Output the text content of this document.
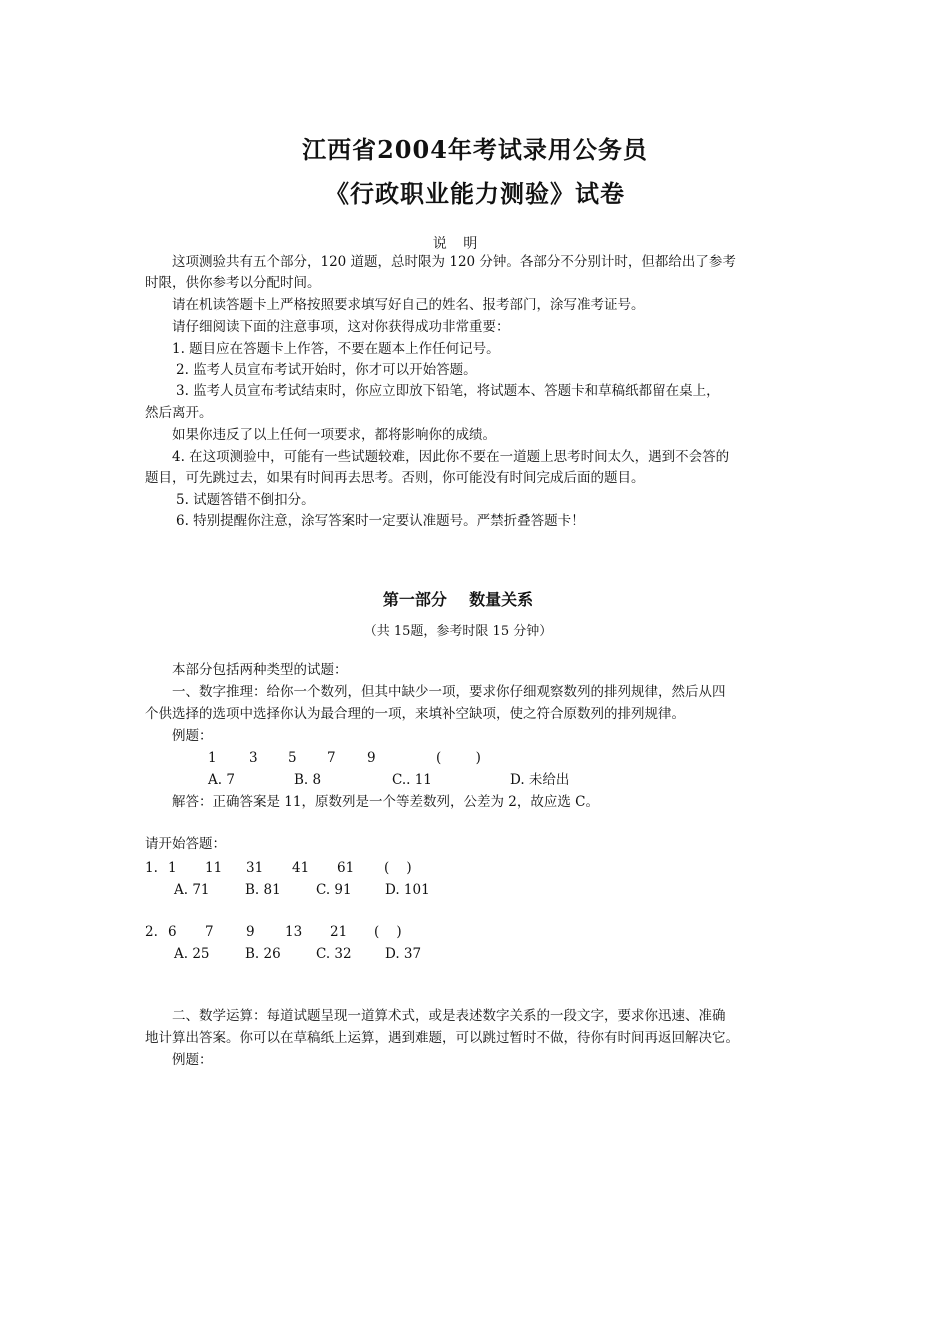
江西省2004年考试录用公务员
《行政职业能力测验》试卷
说 明
这项测验共有五个部分，120 道题，总时限为 120 分钟。各部分不分别计时，但都给出了参考
时限，供你参考以分配时间。
请在机读答题卡上严格按照要求填写好自己的姓名、报考部门，涂写准考证号。
请仔细阅读下面的注意事项，这对你获得成功非常重要：
1. 题目应在答题卡上作答，不要在题本上作任何记号。
2. 监考人员宣布考试开始时，你才可以开始答题。
3. 监考人员宣布考试结束时，你应立即放下铅笔，将试题本、答题卡和草稿纸都留在桌上，
然后离开。
如果你违反了以上任何一项要求，都将影响你的成绩。
4. 在这项测验中，可能有一些试题较难，因此你不要在一道题上思考时间太久，遇到不会答的
题目，可先跳过去，如果有时间再去思考。否则，你可能没有时间完成后面的题目。
5. 试题答错不倒扣分。
6. 特别提醒你注意，涂写答案时一定要认准题号。严禁折叠答题卡！
第一部分    数量关系
（共 15题，参考时限 15 分钟）
本部分包括两种类型的试题：
一、数字推理：给你一个数列，但其中缺少一项，要求你仔细观察数列的排列规律，然后从四
个供选择的选项中选择你认为最合理的一项，来填补空缺项，使之符合原数列的排列规律。
例题：
1 3 5 7 9	(        )
A. 7	B. 8	C.. 11	D. 未给出
解答：正确答案是 11，原数列是一个等差数列，公差为 2，故应选 C。
请开始答题：
1. 1 11 31 41 61 (    )
A. 71	B. 81	C. 91 D. 101
2. 6 7 9 13 21 (    )
A. 25	B. 26	C. 32 D. 37
二、数学运算：每道试题呈现一道算术式，或是表述数字关系的一段文字，要求你迅速、准确
地计算出答案。你可以在草稿纸上运算，遇到难题，可以跳过暂时不做，待你有时间再返回解决它。
例题：
